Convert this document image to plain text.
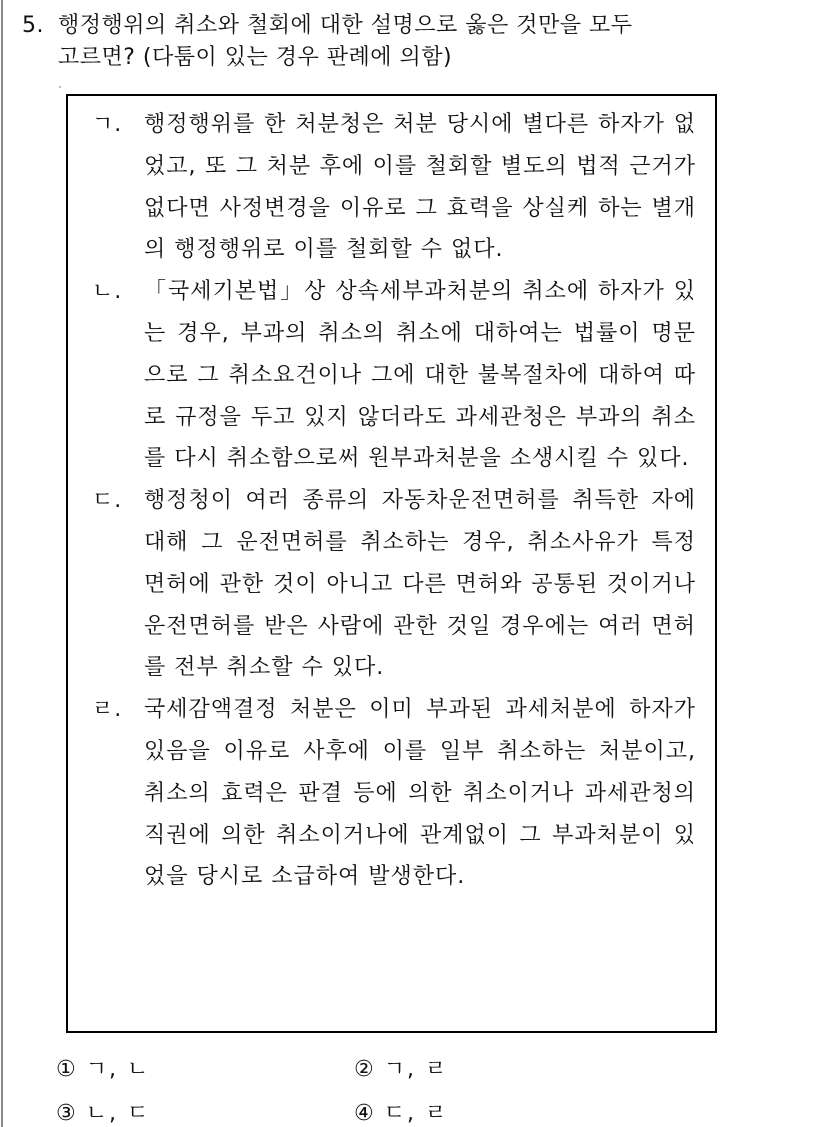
5. 행정행위의 취소와 철회에 대한 설명으로 옳은 것만을 모두
고르면? (다툼이 있는 경우 판례에 의함)
ㄱ. 행정행위를 한 처분청은 처분 당시에 별다른 하자가 없었고, 또 그 처분 후에 이를 철회할 별도의 법적 근거가 없다면 사정변경을 이유로 그 효력을 상실케 하는 별개의 행정행위로 이를 철회할 수 없다.
ㄴ. 「국세기본법」상 상속세부과처분의 취소에 하자가 있는 경우, 부과의 취소의 취소에 대하여는 법률이 명문으로 그 취소요건이나 그에 대한 불복절차에 대하여 따로 규정을 두고 있지 않더라도 과세관청은 부과의 취소를 다시 취소함으로써 원부과처분을 소생시킬 수 있다.
ㄷ. 행정청이 여러 종류의 자동차운전면허를 취득한 자에 대해 그 운전면허를 취소하는 경우, 취소사유가 특정 면허에 관한 것이 아니고 다른 면허와 공통된 것이거나 운전면허를 받은 사람에 관한 것일 경우에는 여러 면허를 전부 취소할 수 있다.
ㄹ. 국세감액결정 처분은 이미 부과된 과세처분에 하자가 있음을 이유로 사후에 이를 일부 취소하는 처분이고, 취소의 효력은 판결 등에 의한 취소이거나 과세관청의 직권에 의한 취소이거나에 관계없이 그 부과처분이 있었을 당시로 소급하여 발생한다.
① ㄱ, ㄴ	② ㄱ, ㄹ
③ ㄴ, ㄷ	④ ㄷ, ㄹ
